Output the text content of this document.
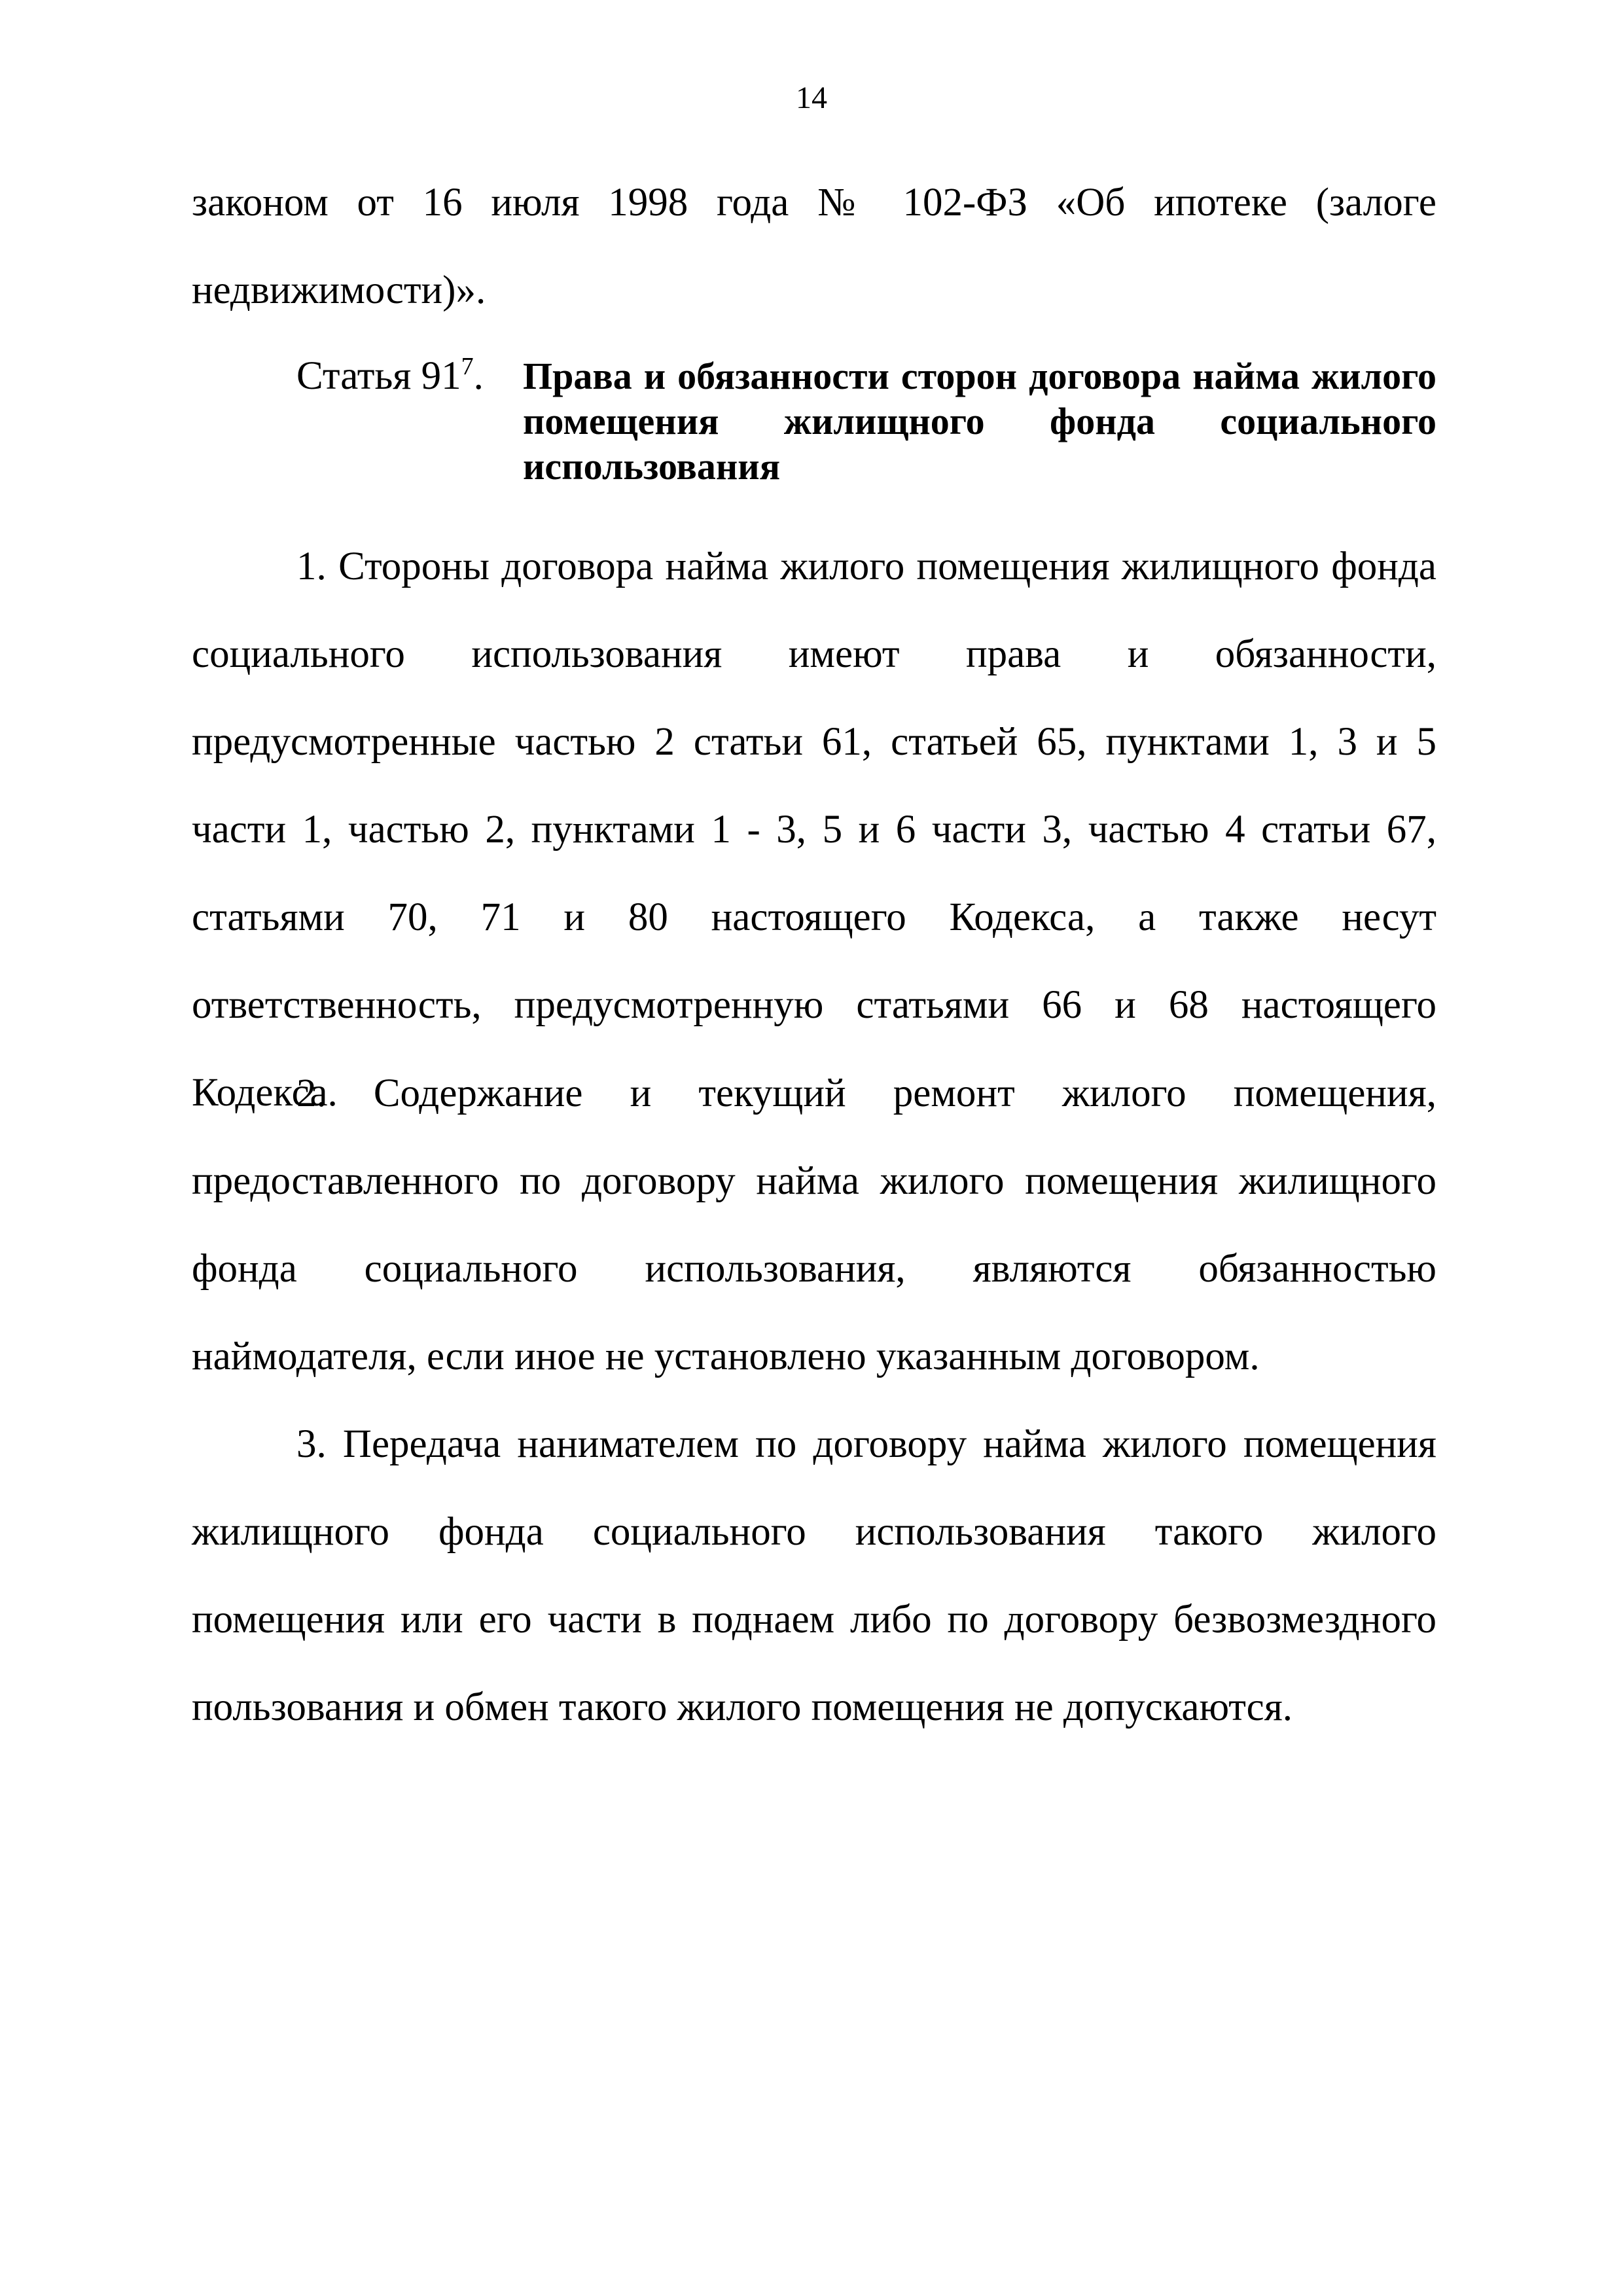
14
законом от 16 июля 1998 года № 102-ФЗ «Об ипотеке (залоге
недвижимости)».
Статья $91^7$. Права и обязанности сторон договора найма жилого помещения жилищного фонда социального использования
1. Стороны договора найма жилого помещения жилищного фонда социального использования имеют права и обязанности, предусмотренные частью 2 статьи 61, статьей 65, пунктами 1, 3 и 5 части 1, частью 2, пунктами 1 - 3, 5 и 6 части 3, частью 4 статьи 67, статьями 70, 71 и 80 настоящего Кодекса, а также несут ответственность, предусмотренную статьями 66 и 68 настоящего Кодекса.
2. Содержание и текущий ремонт жилого помещения, предоставленного по договору найма жилого помещения жилищного фонда социального использования, являются обязанностью наймодателя, если иное не установлено указанным договором.
3. Передача нанимателем по договору найма жилого помещения жилищного фонда социального использования такого жилого помещения или его части в поднаем либо по договору безвозмездного пользования и обмен такого жилого помещения не допускаются.
